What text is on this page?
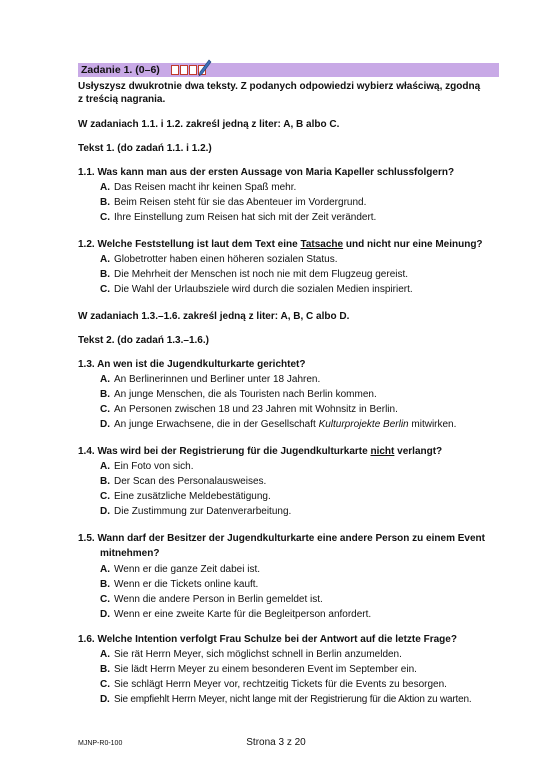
Zadanie 1. (0–6)
Usłyszysz dwukrotnie dwa teksty. Z podanych odpowiedzi wybierz właściwą, zgodną
z treścią nagrania.
W zadaniach 1.1. i 1.2. zakreśl jedną z liter: A, B albo C.
Tekst 1. (do zadań 1.1. i 1.2.)
1.1. Was kann man aus der ersten Aussage von Maria Kapeller schlussfolgern?
A. Das Reisen macht ihr keinen Spaß mehr.
B. Beim Reisen steht für sie das Abenteuer im Vordergrund.
C. Ihre Einstellung zum Reisen hat sich mit der Zeit verändert.
1.2. Welche Feststellung ist laut dem Text eine Tatsache und nicht nur eine Meinung?
A. Globetrotter haben einen höheren sozialen Status.
B. Die Mehrheit der Menschen ist noch nie mit dem Flugzeug gereist.
C. Die Wahl der Urlaubsziele wird durch die sozialen Medien inspiriert.
W zadaniach 1.3.–1.6. zakreśl jedną z liter: A, B, C albo D.
Tekst 2. (do zadań 1.3.–1.6.)
1.3. An wen ist die Jugendkulturkarte gerichtet?
A. An Berlinerinnen und Berliner unter 18 Jahren.
B. An junge Menschen, die als Touristen nach Berlin kommen.
C. An Personen zwischen 18 und 23 Jahren mit Wohnsitz in Berlin.
D. An junge Erwachsene, die in der Gesellschaft Kulturprojekte Berlin mitwirken.
1.4. Was wird bei der Registrierung für die Jugendkulturkarte nicht verlangt?
A. Ein Foto von sich.
B. Der Scan des Personalausweises.
C. Eine zusätzliche Meldebestätigung.
D. Die Zustimmung zur Datenverarbeitung.
1.5. Wann darf der Besitzer der Jugendkulturkarte eine andere Person zu einem Event
mitnehmen?
A. Wenn er die ganze Zeit dabei ist.
B. Wenn er die Tickets online kauft.
C. Wenn die andere Person in Berlin gemeldet ist.
D. Wenn er eine zweite Karte für die Begleitperson anfordert.
1.6. Welche Intention verfolgt Frau Schulze bei der Antwort auf die letzte Frage?
A. Sie rät Herrn Meyer, sich möglichst schnell in Berlin anzumelden.
B. Sie lädt Herrn Meyer zu einem besonderen Event im September ein.
C. Sie schlägt Herrn Meyer vor, rechtzeitig Tickets für die Events zu besorgen.
D. Sie empfiehlt Herrn Meyer, nicht lange mit der Registrierung für die Aktion zu warten.
MJNP-R0-100	Strona 3 z 20
